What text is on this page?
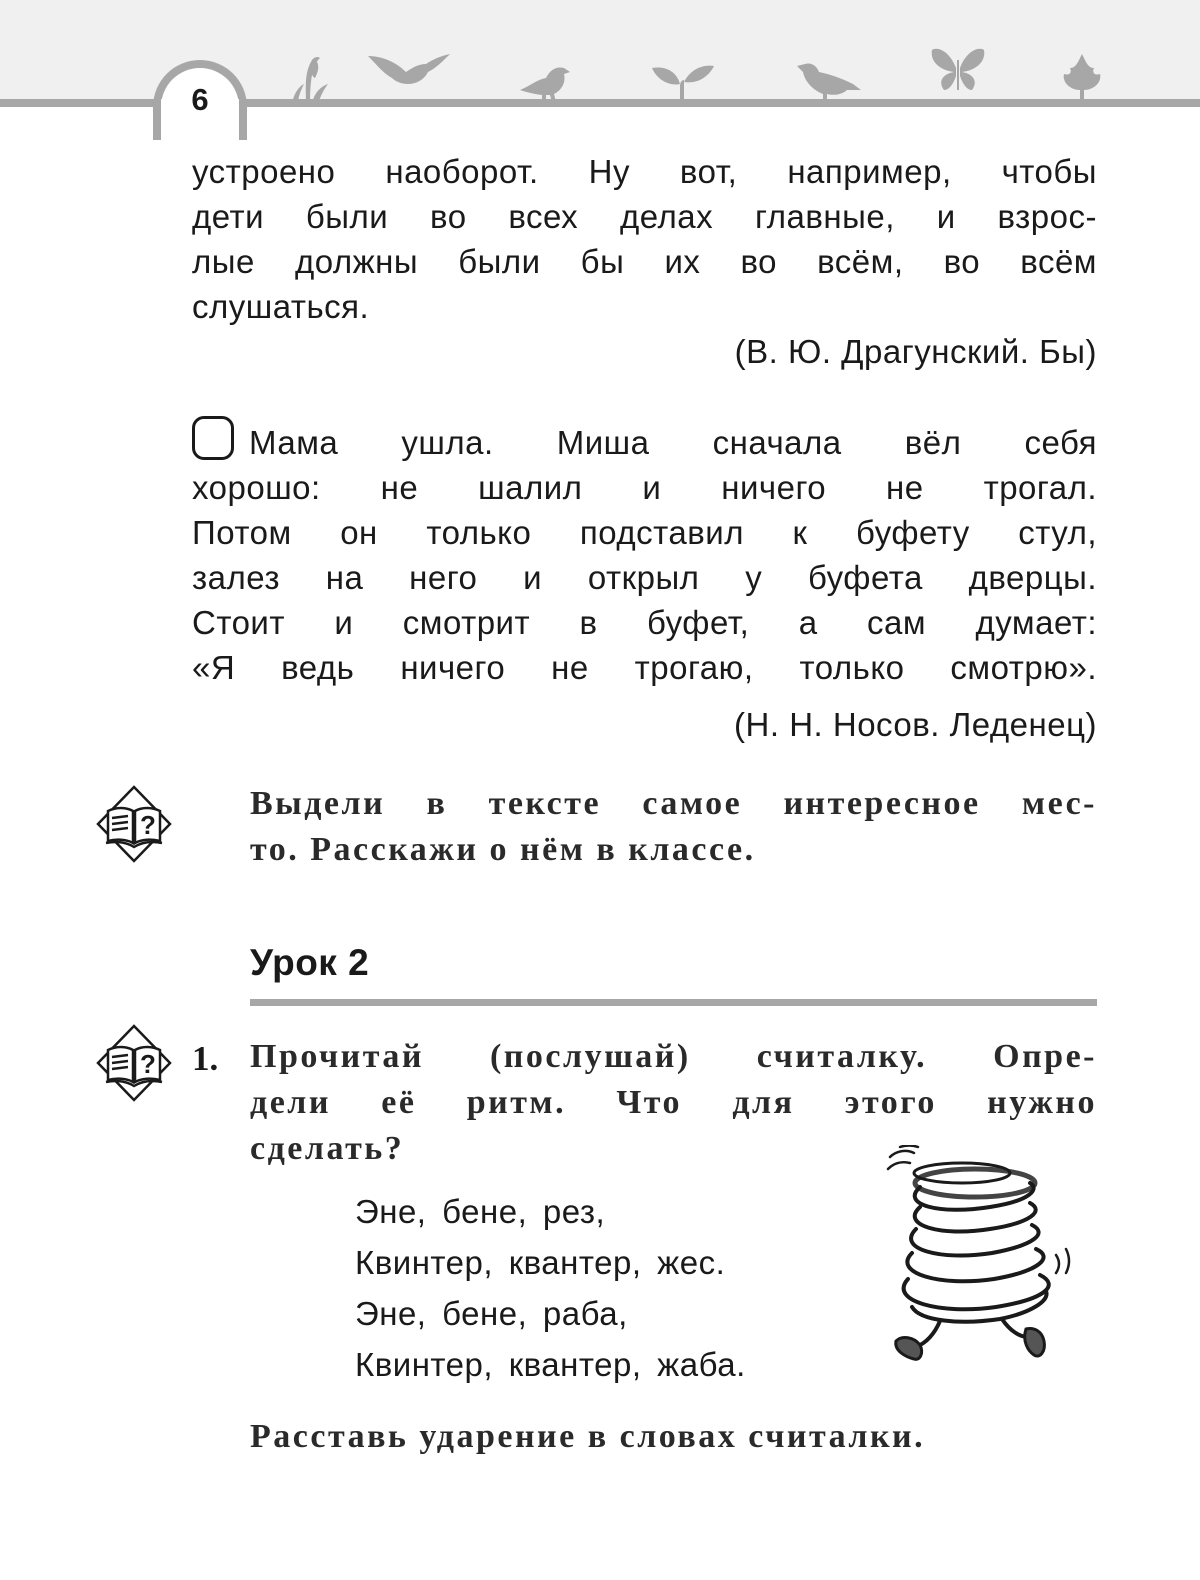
6
устроено наоборот. Ну вот, например, чтобы
дети были во всех делах главные, и взрос-
лые должны были бы их во всём, во всём
слушаться.
(В. Ю. Драгунский. Бы)
Мама ушла. Миша сначала вёл себя
хорошо: не шалил и ничего не трогал.
Потом он только подставил к буфету стул,
залез на него и открыл у буфета дверцы.
Стоит и смотрит в буфет, а сам думает:
«Я ведь ничего не трогаю, только смотрю».
(Н. Н. Носов. Леденец)
?
Выдели в тексте самое интересное мес-
то. Расскажи о нём в классе.
Урок 2
? 1. Прочитай (послушай) считалку. Опре-
дели её ритм. Что для этого нужно
сделать?
Эне, бене, рез,
Квинтер, квантер, жес.
Эне, бене, раба,
Квинтер, квантер, жаба.
Расставь ударение в словах считалки.
